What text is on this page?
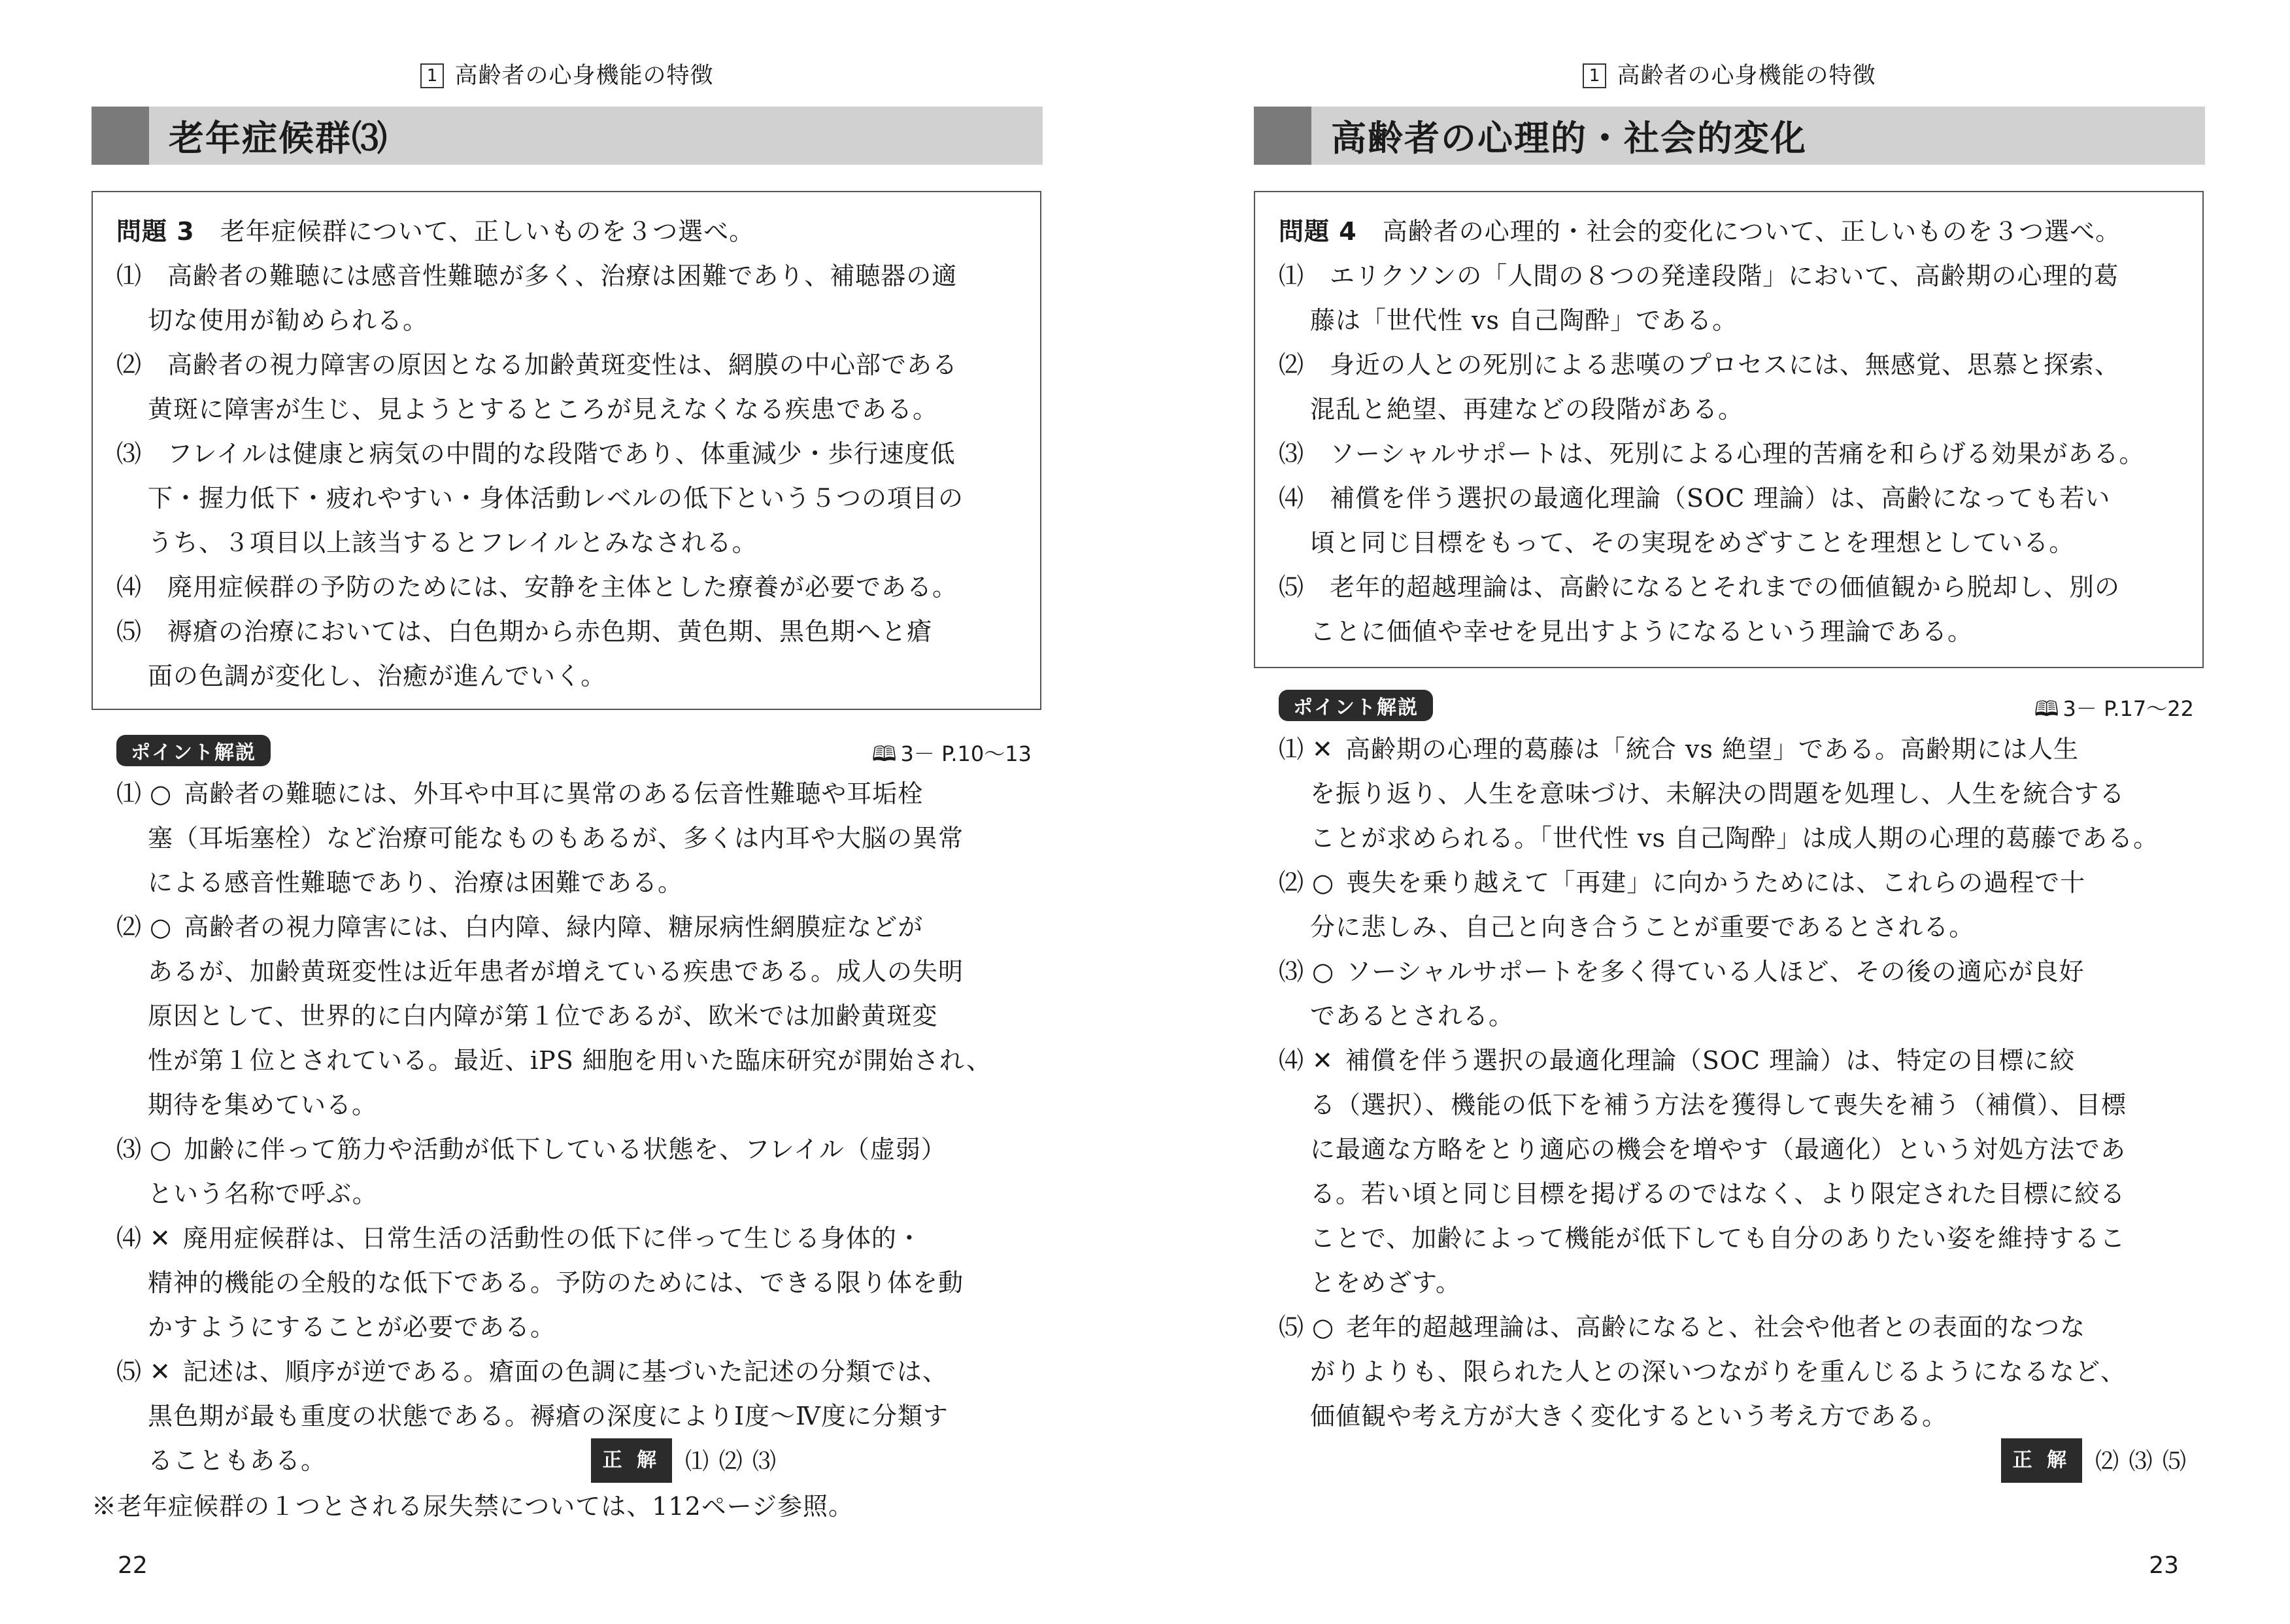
1 高齢者の心身機能の特徴
老年症候群⑶
問題 3　 老年症候群について、正しいものを３つ選べ。
⑴　 高齢者の難聴には感音性難聴が多く、治療は困難であり、補聴器の適
切な使用が勧められる。
⑵　 高齢者の視力障害の原因となる加齢黄斑変性は、網膜の中心部である
黄斑に障害が生じ、見ようとするところが見えなくなる疾患である。
⑶　 フレイルは健康と病気の中間的な段階であり、体重減少・歩行速度低
下・握力低下・疲れやすい・身体活動レベルの低下という５つの項目の
うち、３項目以上該当するとフレイルとみなされる。
⑷　 廃用症候群の予防のためには、安静を主体とした療養が必要である。
⑸　 褥瘡の治療においては、白色期から赤色期、黄色期、黒色期へと瘡
面の色調が変化し、治癒が進んでいく。
ポイント解説	🕮 3－ P.10～13
⑴ ○ 高齢者の難聴には、外耳や中耳に異常のある伝音性難聴や耳垢栓
塞（耳垢塞栓）など治療可能なものもあるが、多くは内耳や大脳の異常
による感音性難聴であり、治療は困難である。
⑵ ○ 高齢者の視力障害には、白内障、緑内障、糖尿病性網膜症などが
あるが、加齢黄斑変性は近年患者が増えている疾患である。成人の失明
原因として、世界的に白内障が第１位であるが、欧米では加齢黄斑変
性が第１位とされている。最近、iPS 細胞を用いた臨床研究が開始され、
期待を集めている。
⑶ ○ 加齢に伴って筋力や活動が低下している状態を、フレイル（虚弱）
という名称で呼ぶ。
⑷ ✕ 廃用症候群は、日常生活の活動性の低下に伴って生じる身体的・
精神的機能の全般的な低下である。予防のためには、できる限り体を動
かすようにすることが必要である。
⑸ ✕ 記述は、順序が逆である。瘡面の色調に基づいた記述の分類では、
黒色期が最も重度の状態である。褥瘡の深度によりⅠ度～Ⅳ度に分類す
ることもある。	正 解 ⑴ ⑵ ⑶
※老年症候群の１つとされる尿失禁については、112ページ参照。
22
1 高齢者の心身機能の特徴
高齢者の心理的・社会的変化
問題 4　 高齢者の心理的・社会的変化について、正しいものを３つ選べ。
⑴　 エリクソンの「人間の８つの発達段階」において、高齢期の心理的葛
藤は「世代性 vs 自己陶酔」である。
⑵　 身近の人との死別による悲嘆のプロセスには、無感覚、思慕と探索、
混乱と絶望、再建などの段階がある。
⑶　 ソーシャルサポートは、死別による心理的苦痛を和らげる効果がある。
⑷　 補償を伴う選択の最適化理論（SOC 理論）は、高齢になっても若い
頃と同じ目標をもって、その実現をめざすことを理想としている。
⑸　 老年的超越理論は、高齢になるとそれまでの価値観から脱却し、別の
ことに価値や幸せを見出すようになるという理論である。
ポイント解説	🕮 3－ P.17～22
⑴ ✕ 高齢期の心理的葛藤は「統合 vs 絶望」である。高齢期には人生
を振り返り、人生を意味づけ、未解決の問題を処理し、人生を統合する
ことが求められる。「世代性 vs 自己陶酔」は成人期の心理的葛藤である。
⑵ ○ 喪失を乗り越えて「再建」に向かうためには、これらの過程で十
分に悲しみ、自己と向き合うことが重要であるとされる。
⑶ ○ ソーシャルサポートを多く得ている人ほど、その後の適応が良好
であるとされる。
⑷ ✕ 補償を伴う選択の最適化理論（SOC 理論）は、特定の目標に絞
る（選択）、機能の低下を補う方法を獲得して喪失を補う（補償）、目標
に最適な方略をとり適応の機会を増やす（最適化）という対処方法であ
る。若い頃と同じ目標を掲げるのではなく、より限定された目標に絞る
ことで、加齢によって機能が低下しても自分のありたい姿を維持するこ
とをめざす。
⑸ ○ 老年的超越理論は、高齢になると、社会や他者との表面的なつな
がりよりも、限られた人との深いつながりを重んじるようになるなど、
価値観や考え方が大きく変化するという考え方である。
正 解 ⑵ ⑶ ⑸
23
